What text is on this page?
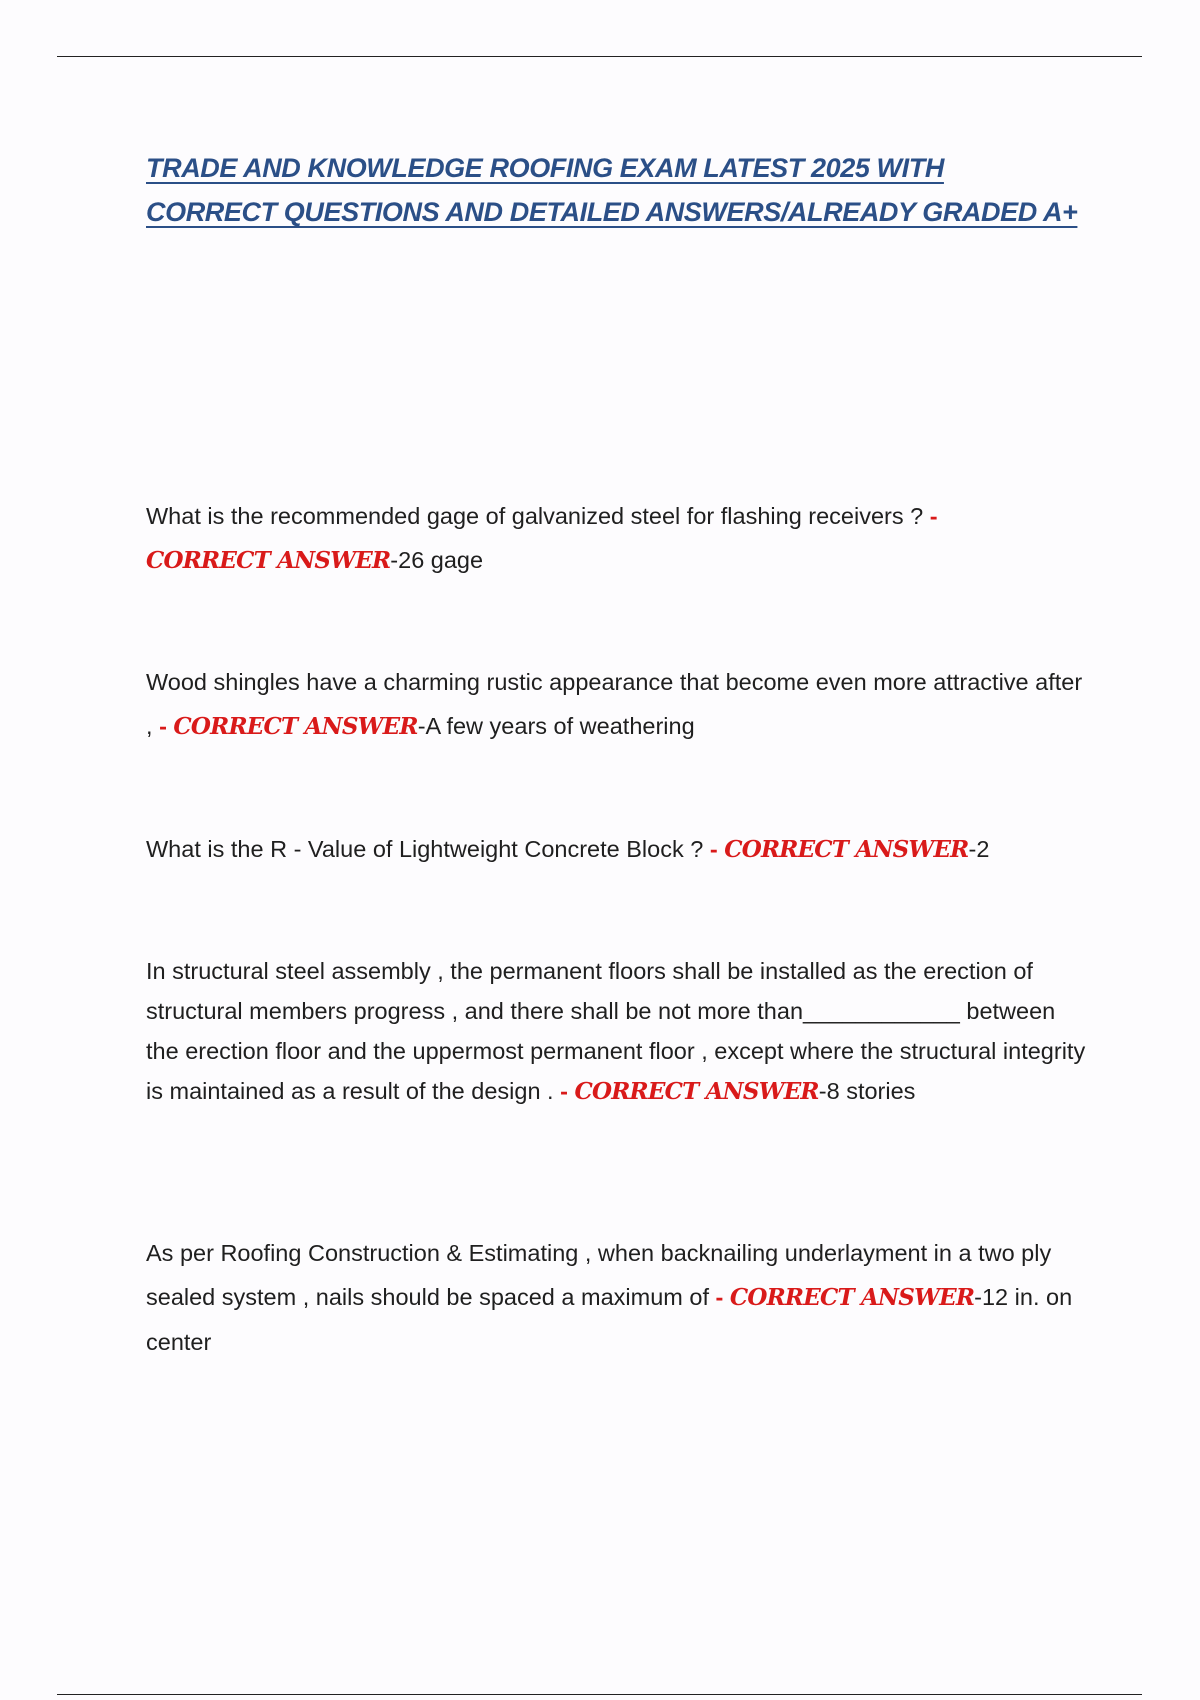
TRADE AND KNOWLEDGE ROOFING EXAM LATEST 2025 WITH
CORRECT QUESTIONS AND DETAILED ANSWERS/ALREADY GRADED A+
What is the recommended gage of galvanized steel for flashing receivers ? -
CORRECT ANSWER-26 gage
Wood shingles have a charming rustic appearance that become even more attractive after , - CORRECT ANSWER-A few years of weathering
What is the R - Value of Lightweight Concrete Block ? - CORRECT ANSWER-2
In structural steel assembly , the permanent floors shall be installed as the erection of structural members progress , and there shall be not more than____________ between the erection floor and the uppermost permanent floor , except where the structural integrity is maintained as a result of the design . - CORRECT ANSWER-8 stories
As per Roofing Construction & Estimating , when backnailing underlayment in a two ply sealed system , nails should be spaced a maximum of - CORRECT ANSWER-12 in. on center
